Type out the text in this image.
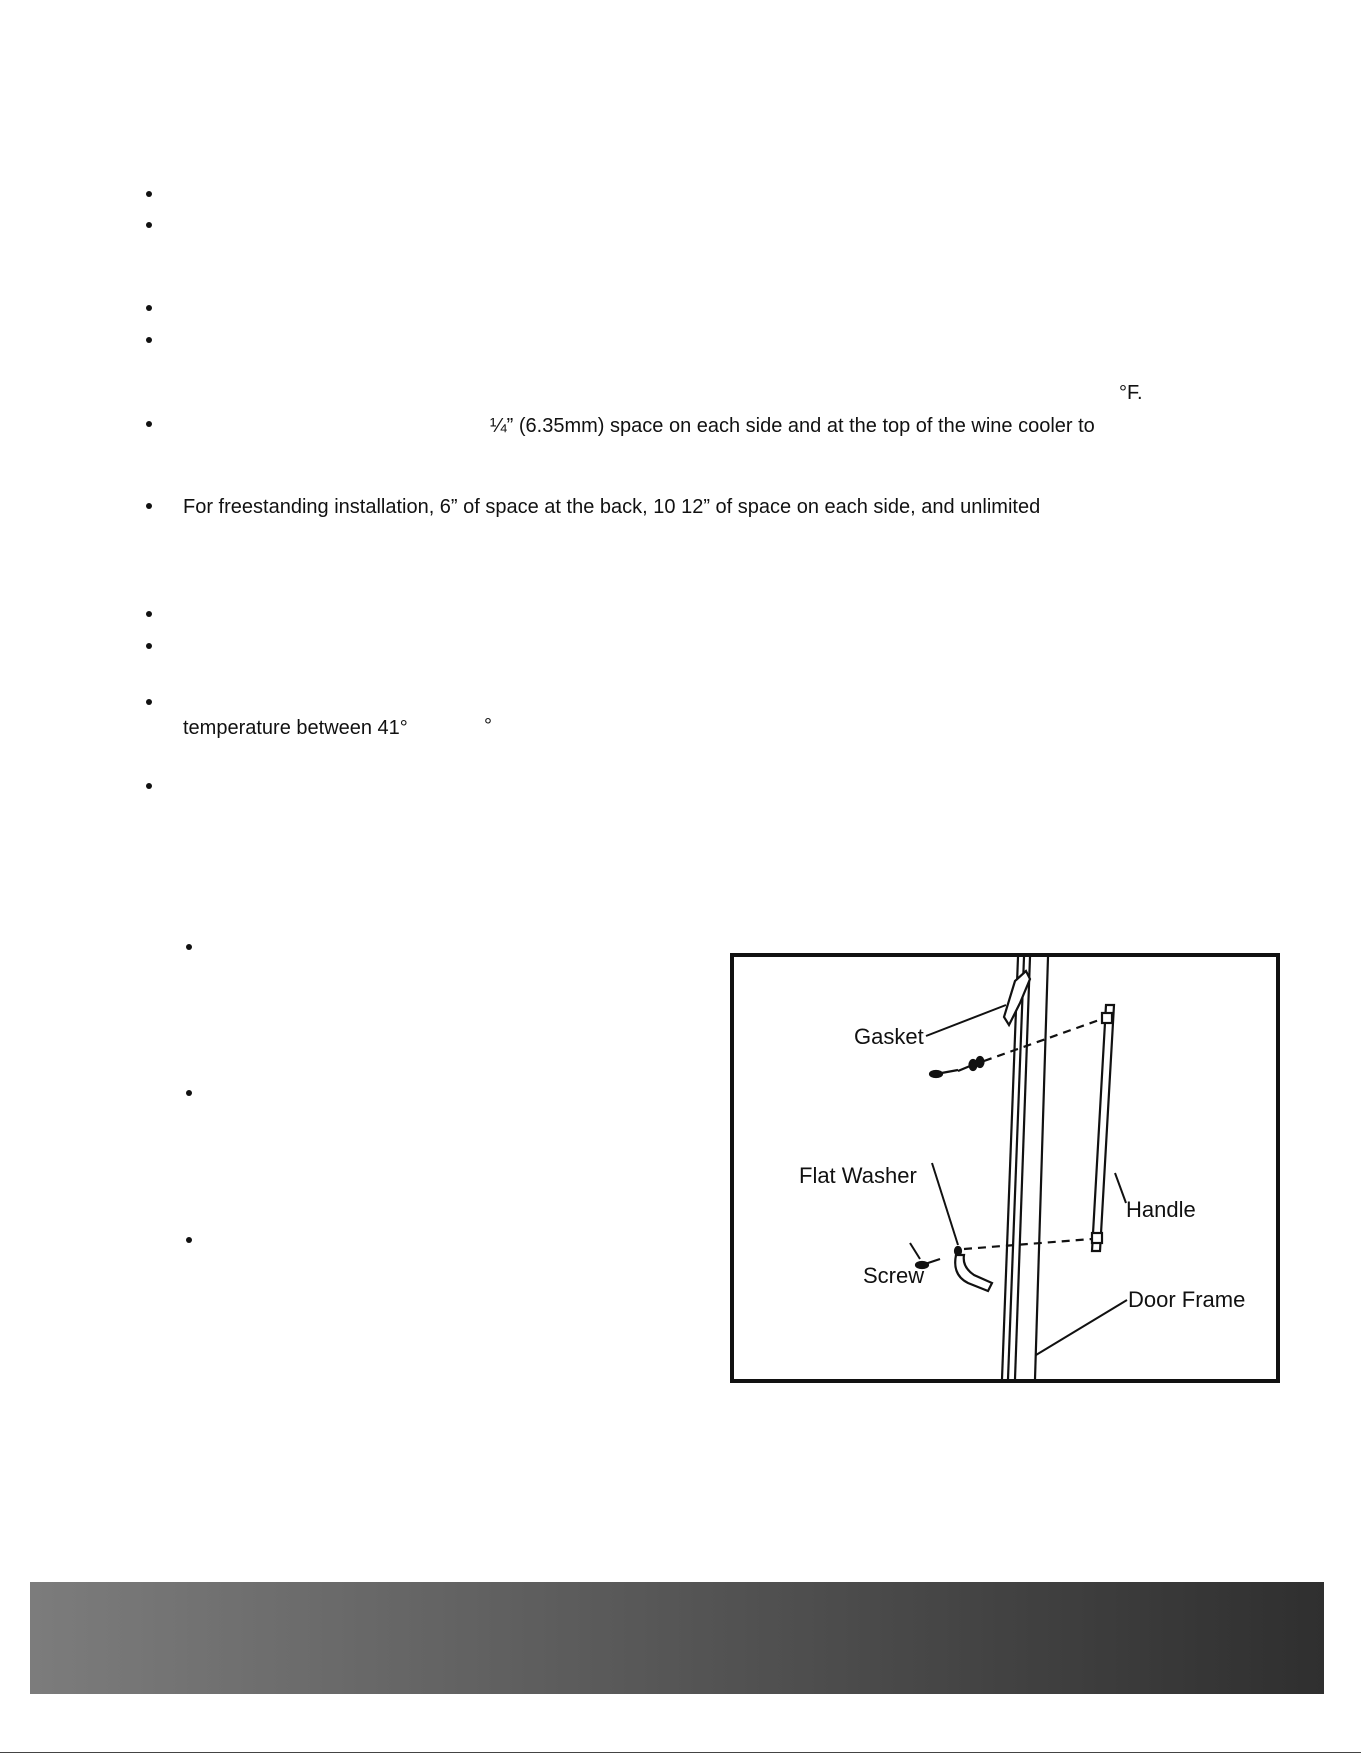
°F.
¼” (6.35mm) space on each side and at the top of the wine cooler to
For freestanding installation, 6” of space at the back, 10 12” of space on each side, and unlimited
temperature between 41°	°
Gasket
Flat Washer
Handle
Screw
Door Frame
